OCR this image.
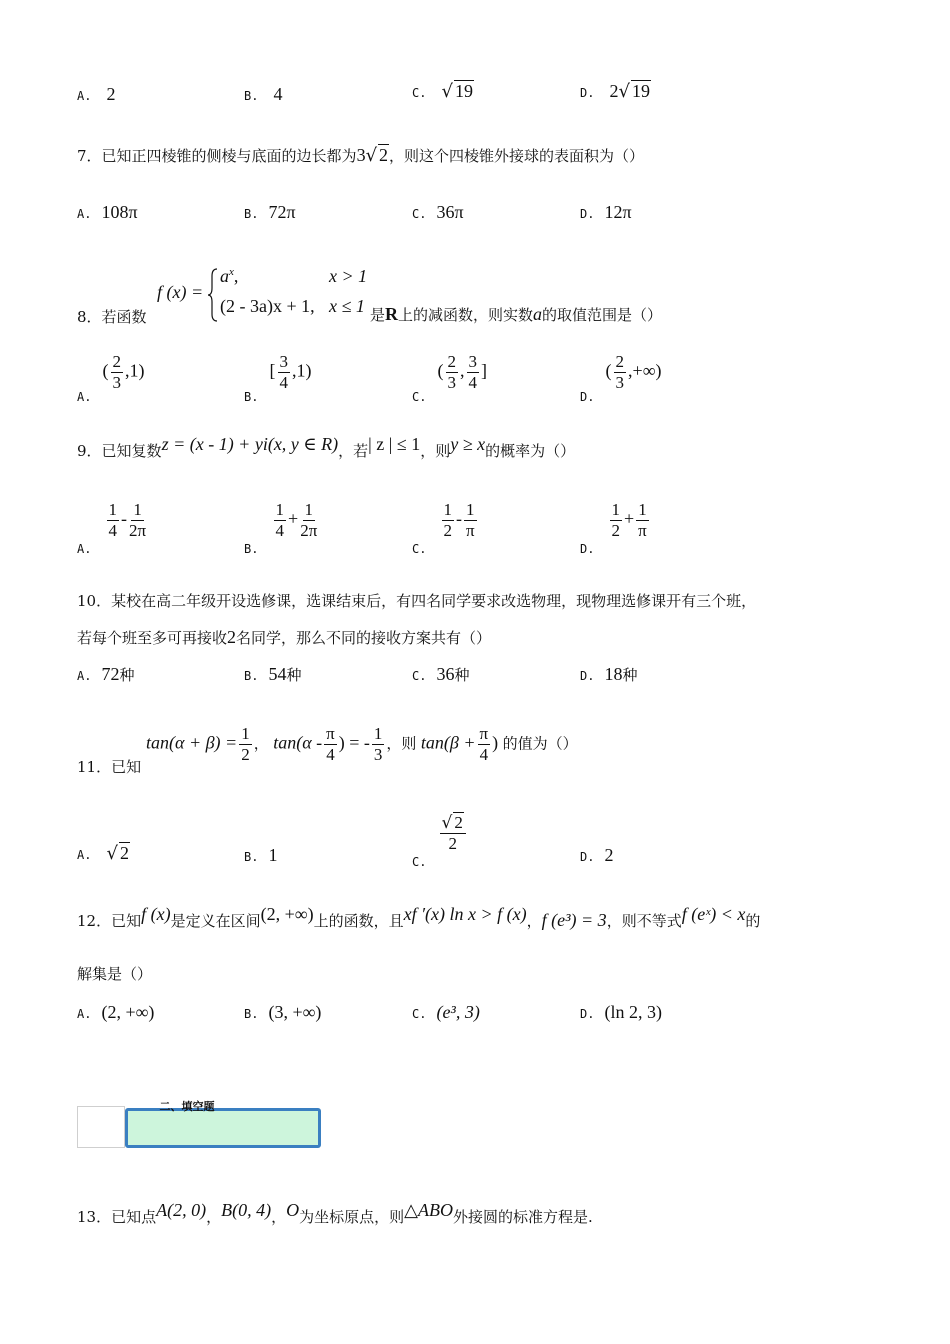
A. 2	B. 4	C. √ 19	D. 2√ 19
7．已知正四棱锥的侧棱与底面的边长都为3√ 2，则这个四棱锥外接球的表面积为（）
A. 108π	B. 72π	C. 36π	D. 12π
8．若函数
f (x) =
$a^x$,	x > 1
(2 - 3a)x + 1, x ≤ 1 是R上的减函数，则实数a的取值范围是（）
$_{A.}$ ( $\frac{2}{3} ,1$)
$_{B.}$ [ $\frac{3}{4} ,1$)
$_{C.}$ ( $\frac{2}{3}$ , $\frac{3}{4}$ ]
$_{D.}$ ( $\frac{2}{3}$ ,+∞)
9．已知复数z = (x - 1) + yi(x, y ∈ R)，若| z | ≤ 1，则y ≥ x的概率为（）
$_{A.}$
$\frac{1}{4} - \frac{1}{2\pi}$
$_{B.}$
$\frac{1}{4} + \frac{1}{2\pi}$
$_{C.}$
$\frac{1}{2} - \frac{1}{\pi}$
$_{D.}$
$\frac{1}{2} + \frac{1}{\pi}$
10．某校在高二年级开设选修课，选课结束后，有四名同学要求改选物理，现物理选修课开有三个班，
若每个班至多可再接收2名同学，那么不同的接收方案共有（）
A. 72种	B. 54种	C. 36种	D. 18种
11．已知
$\tan(\alpha + \beta) = \frac{1}{2}$ ， $\tan(\alpha - \frac{\pi}{4}$ ) = - $\frac{1}{3}$ ，则 $\tan(\beta + \frac{\pi}{4}$ ) 的值为（）
A. √ 2	B. 1	$_{C.}$
$\frac{√ 2}{2}$
D. 2
12．已知f (x)是定义在区间(2, +∞)上的函数，且xf ′(x) ln x > f (x)，f (e³) = 3，则不等式f (eˣ) < x的
解集是（）
A. (2, +∞)	B. (3, +∞)	C. (e³, 3)	D. (ln 2, 3)
二、填空题
13．已知点A(2, 0)，B(0, 4)，O为坐标原点，则△ABO外接圆的标准方程是.
